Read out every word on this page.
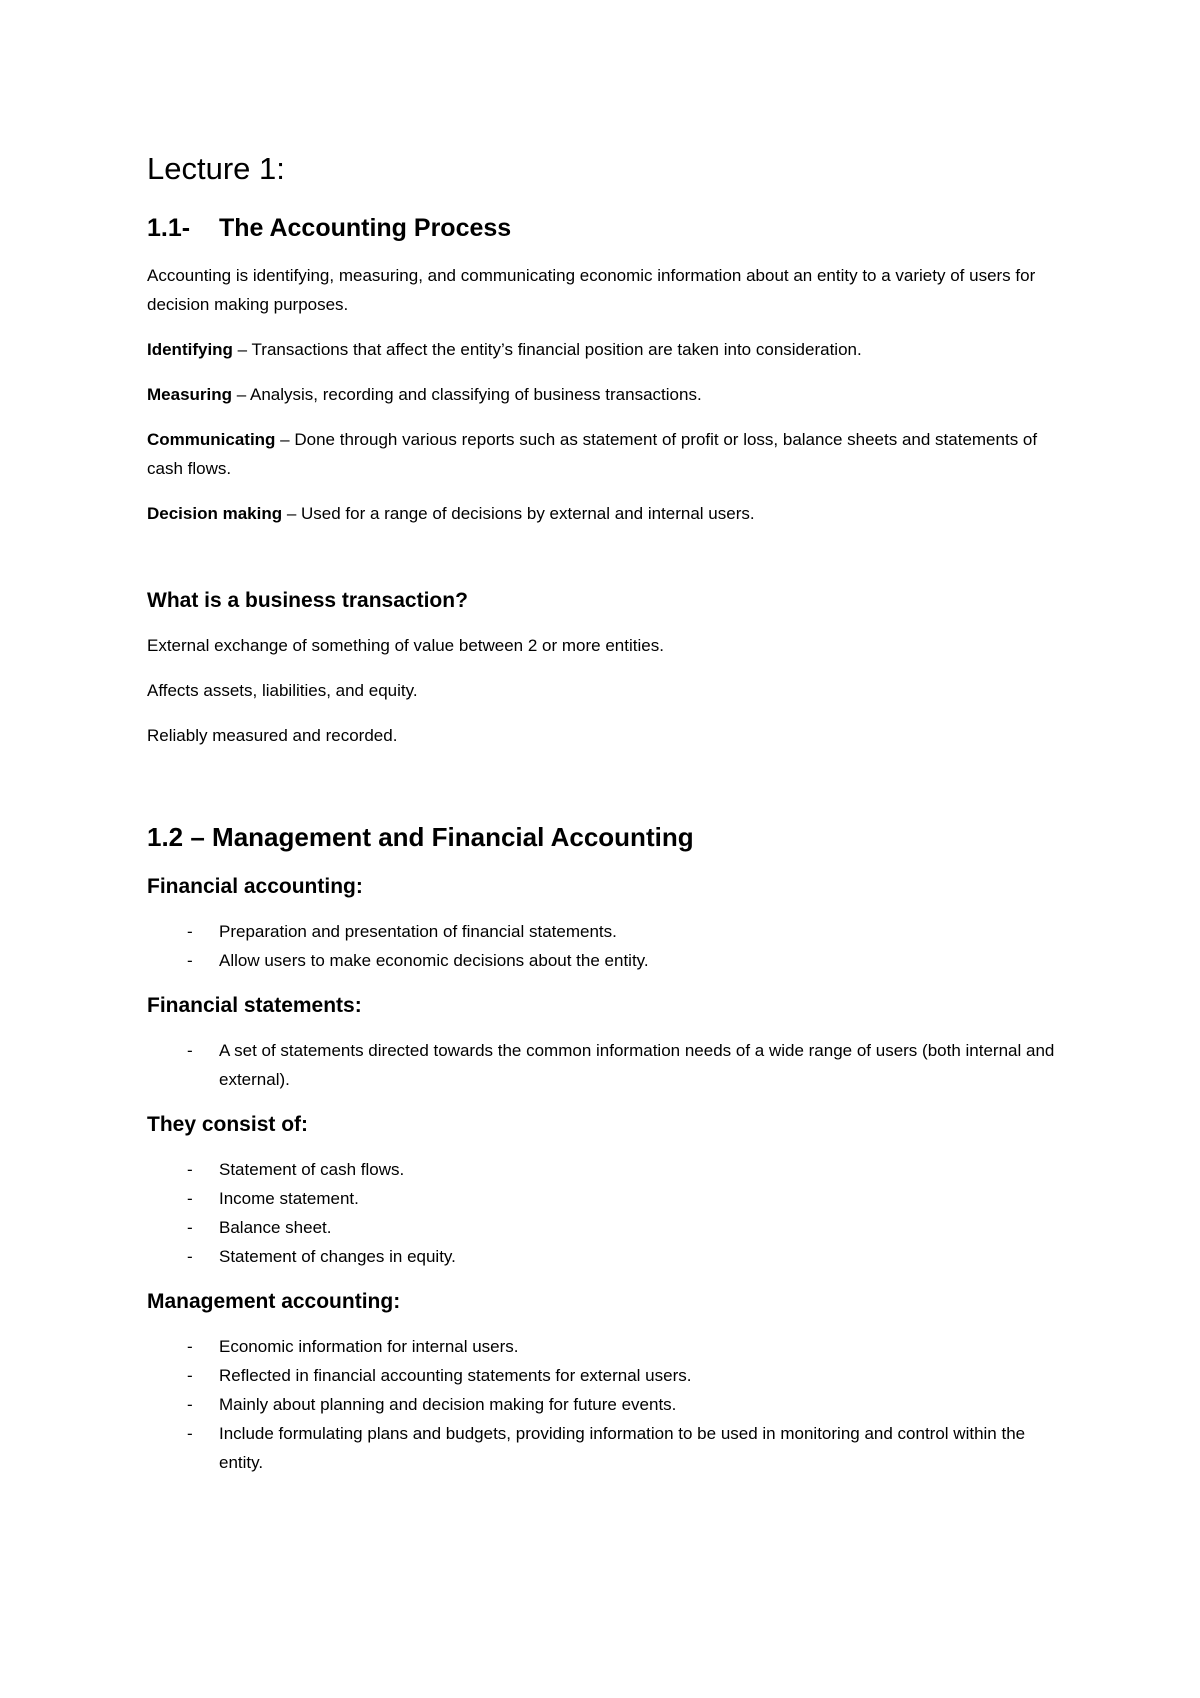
Lecture 1:
1.1- The Accounting Process

Accounting is identifying, measuring, and communicating economic information about an entity to a variety of users for decision making purposes.

Identifying – Transactions that affect the entity’s financial position are taken into consideration.

Measuring – Analysis, recording and classifying of business transactions.

Communicating – Done through various reports such as statement of profit or loss, balance sheets and statements of cash flows.

Decision making – Used for a range of decisions by external and internal users.

What is a business transaction?

External exchange of something of value between 2 or more entities.

Affects assets, liabilities, and equity.

Reliably measured and recorded.

1.2 – Management and Financial Accounting
Financial accounting:
- Preparation and presentation of financial statements.
- Allow users to make economic decisions about the entity.
Financial statements:
- A set of statements directed towards the common information needs of a wide range of users (both internal and external).
They consist of:
- Statement of cash flows.
- Income statement.
- Balance sheet.
- Statement of changes in equity.
Management accounting:
- Economic information for internal users.
- Reflected in financial accounting statements for external users.
- Mainly about planning and decision making for future events.
- Include formulating plans and budgets, providing information to be used in monitoring and control within the entity.
